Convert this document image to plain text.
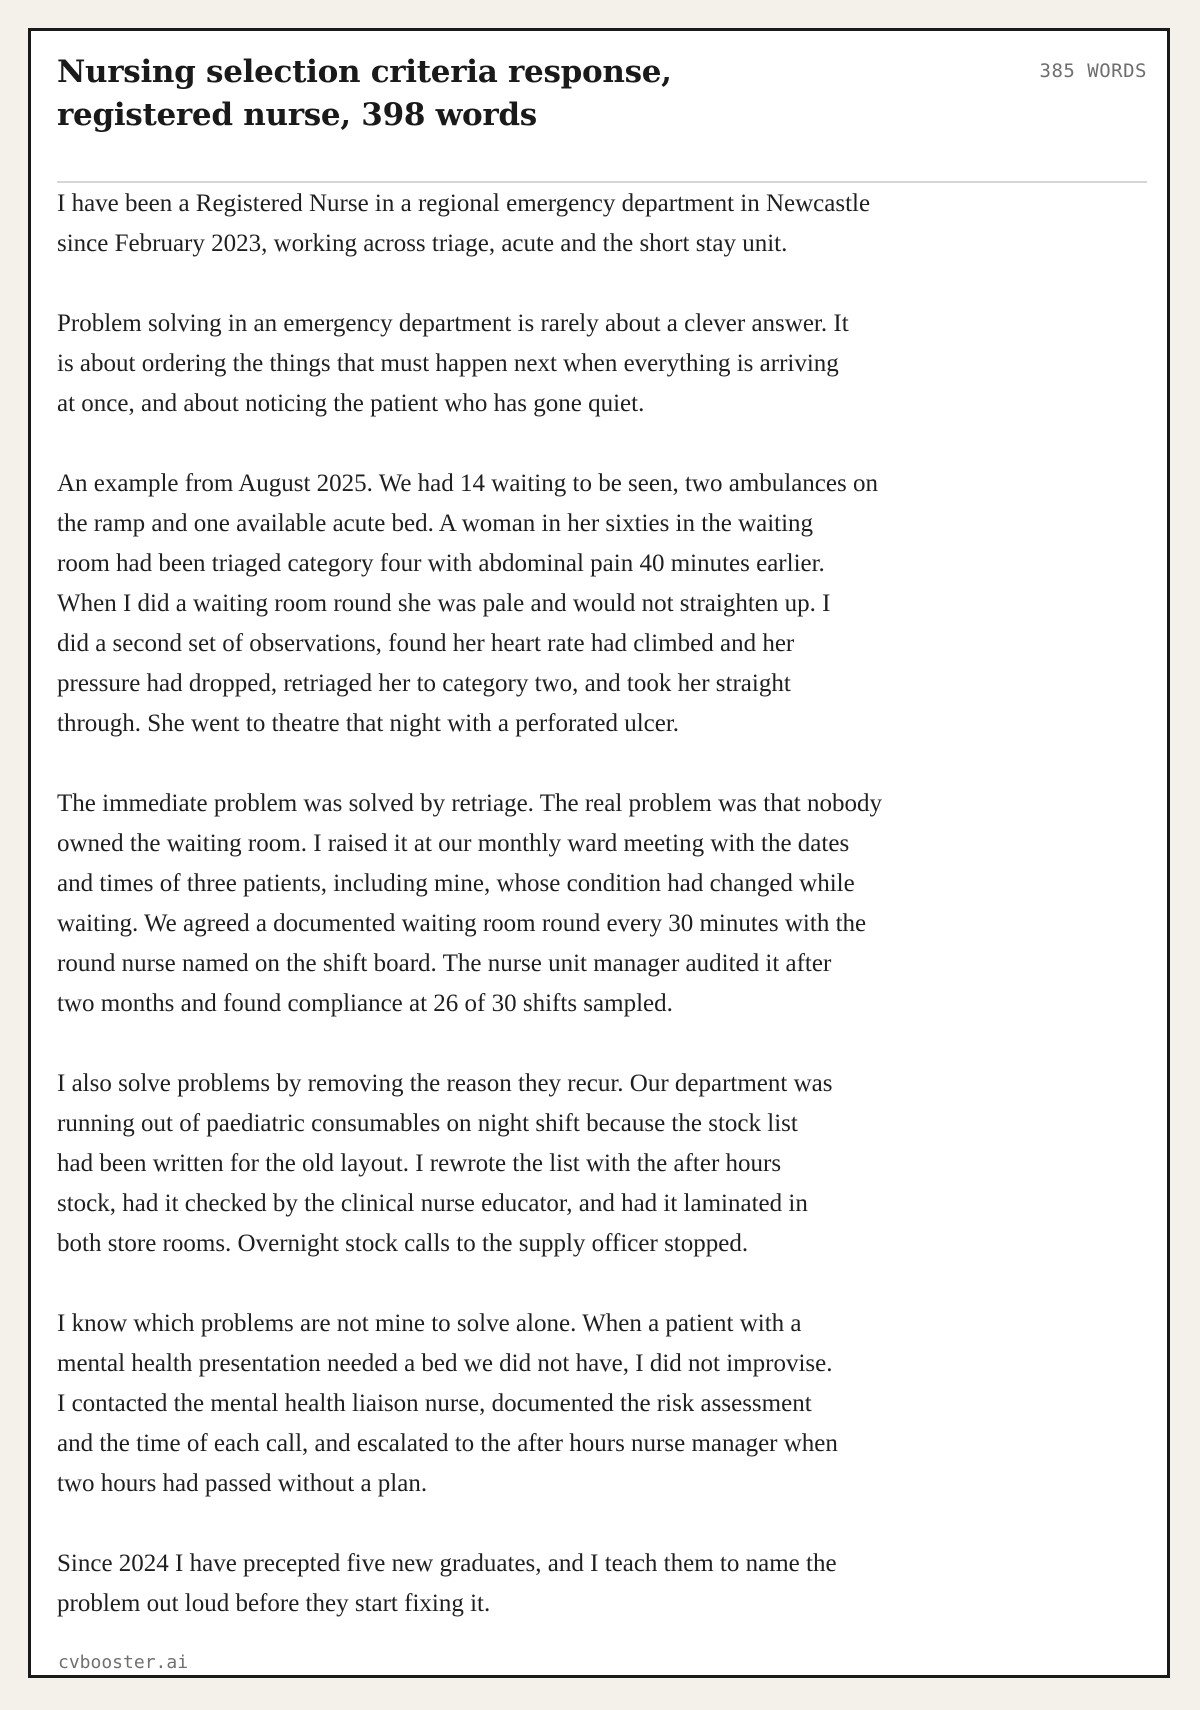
Nursing selection criteria response,
registered nurse, 398 words
385 WORDS

I have been a Registered Nurse in a regional emergency department in Newcastle
since February 2023, working across triage, acute and the short stay unit.

Problem solving in an emergency department is rarely about a clever answer. It
is about ordering the things that must happen next when everything is arriving
at once, and about noticing the patient who has gone quiet.

An example from August 2025. We had 14 waiting to be seen, two ambulances on
the ramp and one available acute bed. A woman in her sixties in the waiting
room had been triaged category four with abdominal pain 40 minutes earlier.
When I did a waiting room round she was pale and would not straighten up. I
did a second set of observations, found her heart rate had climbed and her
pressure had dropped, retriaged her to category two, and took her straight
through. She went to theatre that night with a perforated ulcer.

The immediate problem was solved by retriage. The real problem was that nobody
owned the waiting room. I raised it at our monthly ward meeting with the dates
and times of three patients, including mine, whose condition had changed while
waiting. We agreed a documented waiting room round every 30 minutes with the
round nurse named on the shift board. The nurse unit manager audited it after
two months and found compliance at 26 of 30 shifts sampled.

I also solve problems by removing the reason they recur. Our department was
running out of paediatric consumables on night shift because the stock list
had been written for the old layout. I rewrote the list with the after hours
stock, had it checked by the clinical nurse educator, and had it laminated in
both store rooms. Overnight stock calls to the supply officer stopped.

I know which problems are not mine to solve alone. When a patient with a
mental health presentation needed a bed we did not have, I did not improvise.
I contacted the mental health liaison nurse, documented the risk assessment
and the time of each call, and escalated to the after hours nurse manager when
two hours had passed without a plan.

Since 2024 I have precepted five new graduates, and I teach them to name the
problem out loud before they start fixing it.

cvbooster.ai
